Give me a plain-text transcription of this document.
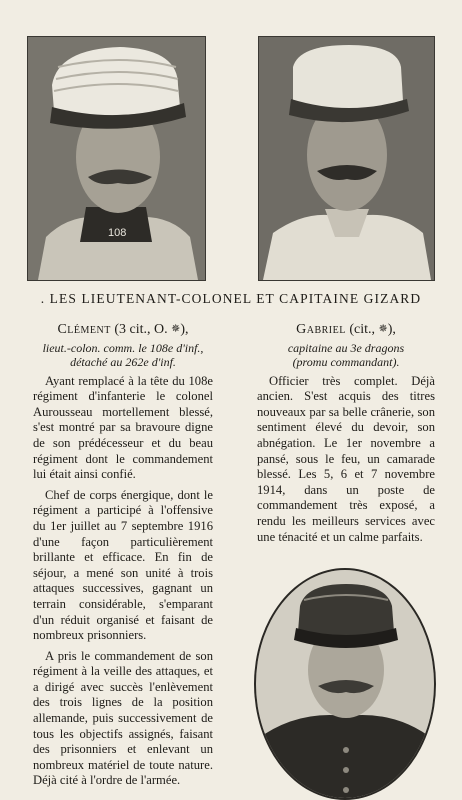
108
. LES LIEUTENANT-COLONEL ET CAPITAINE GIZARD

Clément (3 cit., O. ✵),

lieut.-colon. comm. le 108e d'inf.,

détaché au 262e d'inf.

Ayant remplacé à la tête du 108e régiment d'infanterie le colonel Aurousseau mortellement blessé, s'est montré par sa bravoure digne de son prédécesseur et du beau régiment dont le commandement lui était ainsi confié.

Chef de corps énergique, dont le régiment a participé à l'offensive du 1er juillet au 7 septembre 1916 d'une façon particulièrement brillante et efficace. En fin de séjour, a mené son unité à trois attaques successives, gagnant un terrain considérable, s'emparant d'un réduit organisé et faisant de nombreux prisonniers.

A pris le commandement de son régiment à la veille des attaques, et a dirigé avec succès l'enlèvement des trois lignes de la position allemande, puis successivement de tous les objectifs assignés, faisant des prisonniers et enlevant un nombreux matériel de toute nature. Déjà cité à l'ordre de l'armée.

Gabriel (cit., ✵),

capitaine au 3e dragons

(promu commandant).

Officier très complet. Déjà ancien. S'est acquis des titres nouveaux par sa belle crânerie, son sentiment élevé du devoir, son abnégation. Le 1er novembre a pansé, sous le feu, un camarade blessé. Les 5, 6 et 7 novembre 1914, dans un poste de commandement très exposé, a rendu les meilleurs services avec une ténacité et un calme parfaits.
